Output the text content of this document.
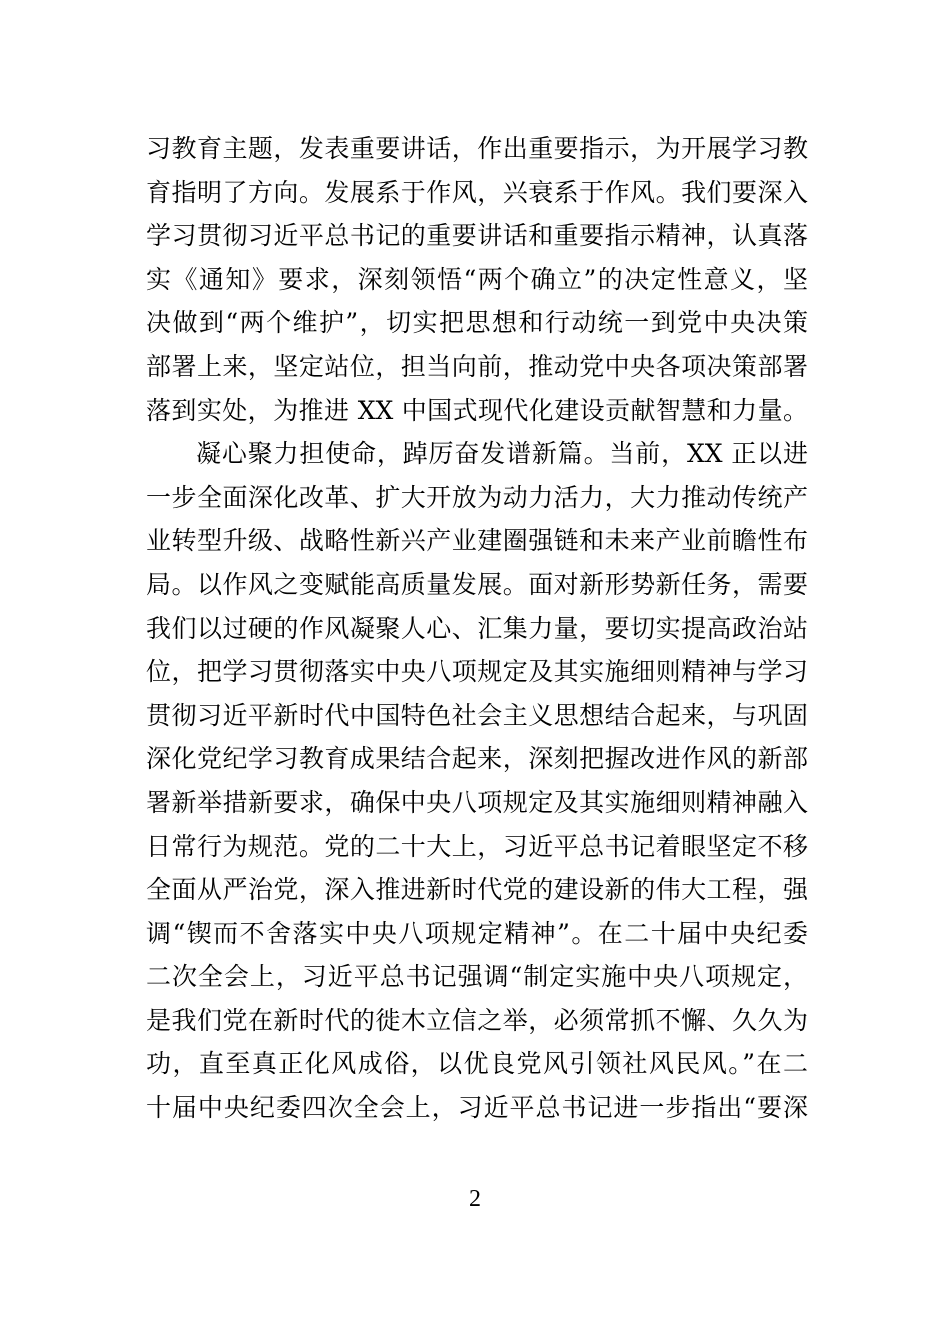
习教育主题，发表重要讲话，作出重要指示，为开展学习教
育指明了方向。发展系于作风，兴衰系于作风。我们要深入
学习贯彻习近平总书记的重要讲话和重要指示精神，认真落
实《通知》要求，深刻领悟“两个确立”的决定性意义，坚
决做到“两个维护”，切实把思想和行动统一到党中央决策
部署上来，坚定站位，担当向前，推动党中央各项决策部署
落到实处，为推进 XX 中国式现代化建设贡献智慧和力量。
凝心聚力担使命，踔厉奋发谱新篇。当前，XX 正以进
一步全面深化改革、扩大开放为动力活力，大力推动传统产
业转型升级、战略性新兴产业建圈强链和未来产业前瞻性布
局。以作风之变赋能高质量发展。面对新形势新任务，需要
我们以过硬的作风凝聚人心、汇集力量，要切实提高政治站
位，把学习贯彻落实中央八项规定及其实施细则精神与学习
贯彻习近平新时代中国特色社会主义思想结合起来，与巩固
深化党纪学习教育成果结合起来，深刻把握改进作风的新部
署新举措新要求，确保中央八项规定及其实施细则精神融入
日常行为规范。党的二十大上，习近平总书记着眼坚定不移
全面从严治党，深入推进新时代党的建设新的伟大工程，强
调“锲而不舍落实中央八项规定精神”。在二十届中央纪委
二次全会上，习近平总书记强调“制定实施中央八项规定，
是我们党在新时代的徙木立信之举，必须常抓不懈、久久为
功，直至真正化风成俗，以优良党风引领社风民风。”在二
十届中央纪委四次全会上，习近平总书记进一步指出“要深
2
